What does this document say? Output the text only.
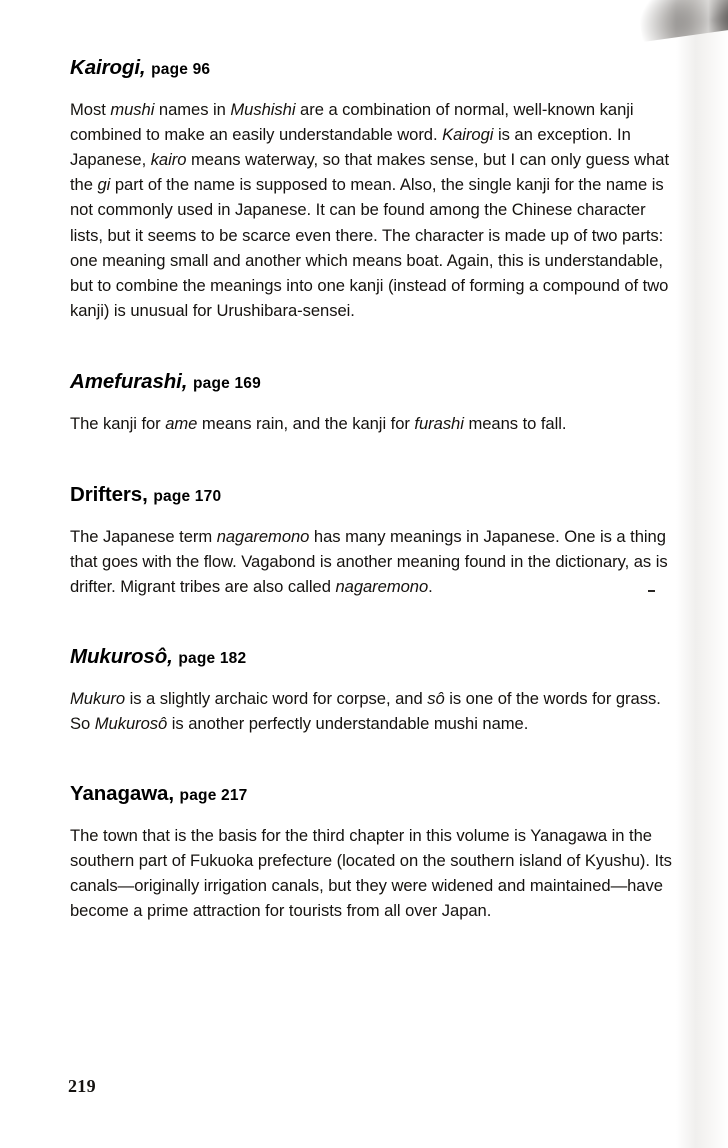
Kairogi, page 96

Most mushi names in Mushishi are a combination of normal, well-known kanji combined to make an easily understandable word. Kairogi is an exception. In Japanese, kairo means waterway, so that makes sense, but I can only guess what the gi part of the name is supposed to mean. Also, the single kanji for the name is not commonly used in Japanese. It can be found among the Chinese character lists, but it seems to be scarce even there. The character is made up of two parts: one meaning small and another which means boat. Again, this is understandable, but to combine the meanings into one kanji (instead of forming a compound of two kanji) is unusual for Urushibara-sensei.

Amefurashi, page 169

The kanji for ame means rain, and the kanji for furashi means to fall.

Drifters, page 170

The Japanese term nagaremono has many meanings in Japanese. One is a thing that goes with the flow. Vagabond is another meaning found in the dictionary, as is drifter. Migrant tribes are also called nagaremono.

Mukurosô, page 182

Mukuro is a slightly archaic word for corpse, and sô is one of the words for grass. So Mukurosô is another perfectly understandable mushi name.

Yanagawa, page 217

The town that is the basis for the third chapter in this volume is Yanagawa in the southern part of Fukuoka prefecture (located on the southern island of Kyushu). Its canals—originally irrigation canals, but they were widened and maintained—have become a prime attraction for tourists from all over Japan.

219
